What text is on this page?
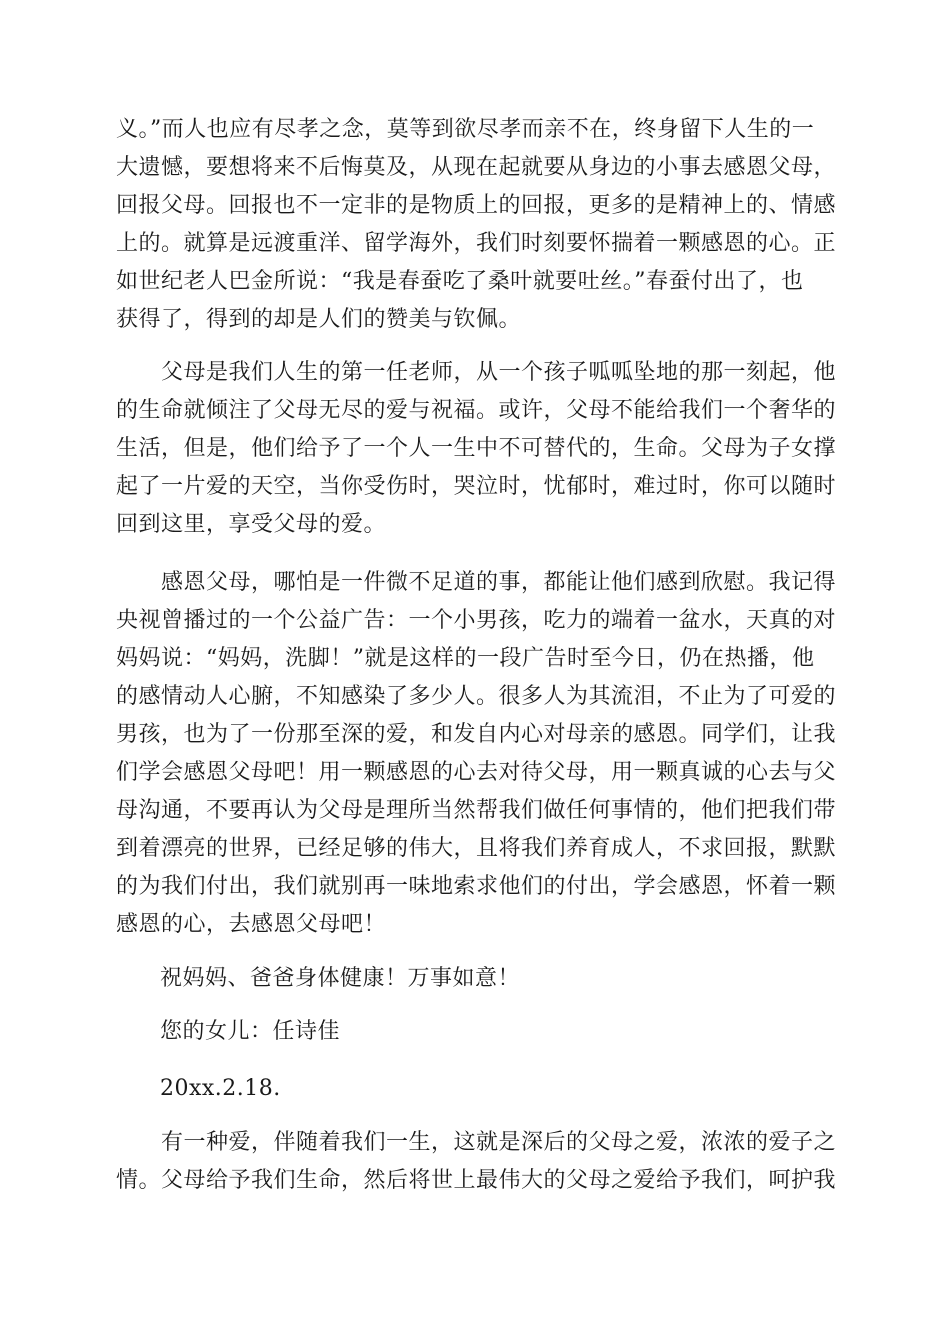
义。”而人也应有尽孝之念，莫等到欲尽孝而亲不在，终身留下人生的一
大遗憾，要想将来不后悔莫及，从现在起就要从身边的小事去感恩父母，
回报父母。回报也不一定非的是物质上的回报，更多的是精神上的、情感
上的。就算是远渡重洋、留学海外，我们时刻要怀揣着一颗感恩的心。正
如世纪老人巴金所说：“我是春蚕吃了桑叶就要吐丝。”春蚕付出了，也
获得了，得到的却是人们的赞美与钦佩。
　　父母是我们人生的第一任老师，从一个孩子呱呱坠地的那一刻起，他
的生命就倾注了父母无尽的爱与祝福。或许，父母不能给我们一个奢华的
生活，但是，他们给予了一个人一生中不可替代的，生命。父母为子女撑
起了一片爱的天空，当你受伤时，哭泣时，忧郁时，难过时，你可以随时
回到这里，享受父母的爱。
　　感恩父母，哪怕是一件微不足道的事，都能让他们感到欣慰。我记得
央视曾播过的一个公益广告：一个小男孩，吃力的端着一盆水，天真的对
妈妈说：“妈妈，洗脚！”就是这样的一段广告时至今日，仍在热播，他
的感情动人心腑，不知感染了多少人。很多人为其流泪，不止为了可爱的
男孩，也为了一份那至深的爱，和发自内心对母亲的感恩。同学们，让我
们学会感恩父母吧！用一颗感恩的心去对待父母，用一颗真诚的心去与父
母沟通，不要再认为父母是理所当然帮我们做任何事情的，他们把我们带
到着漂亮的世界，已经足够的伟大，且将我们养育成人，不求回报，默默
的为我们付出，我们就别再一味地索求他们的付出，学会感恩，怀着一颗
感恩的心，去感恩父母吧！
祝妈妈、爸爸身体健康！万事如意！
您的女儿：任诗佳
20xx.2.18.
　　有一种爱，伴随着我们一生，这就是深后的父母之爱，浓浓的爱子之
情。父母给予我们生命，然后将世上最伟大的父母之爱给予我们，呵护我
